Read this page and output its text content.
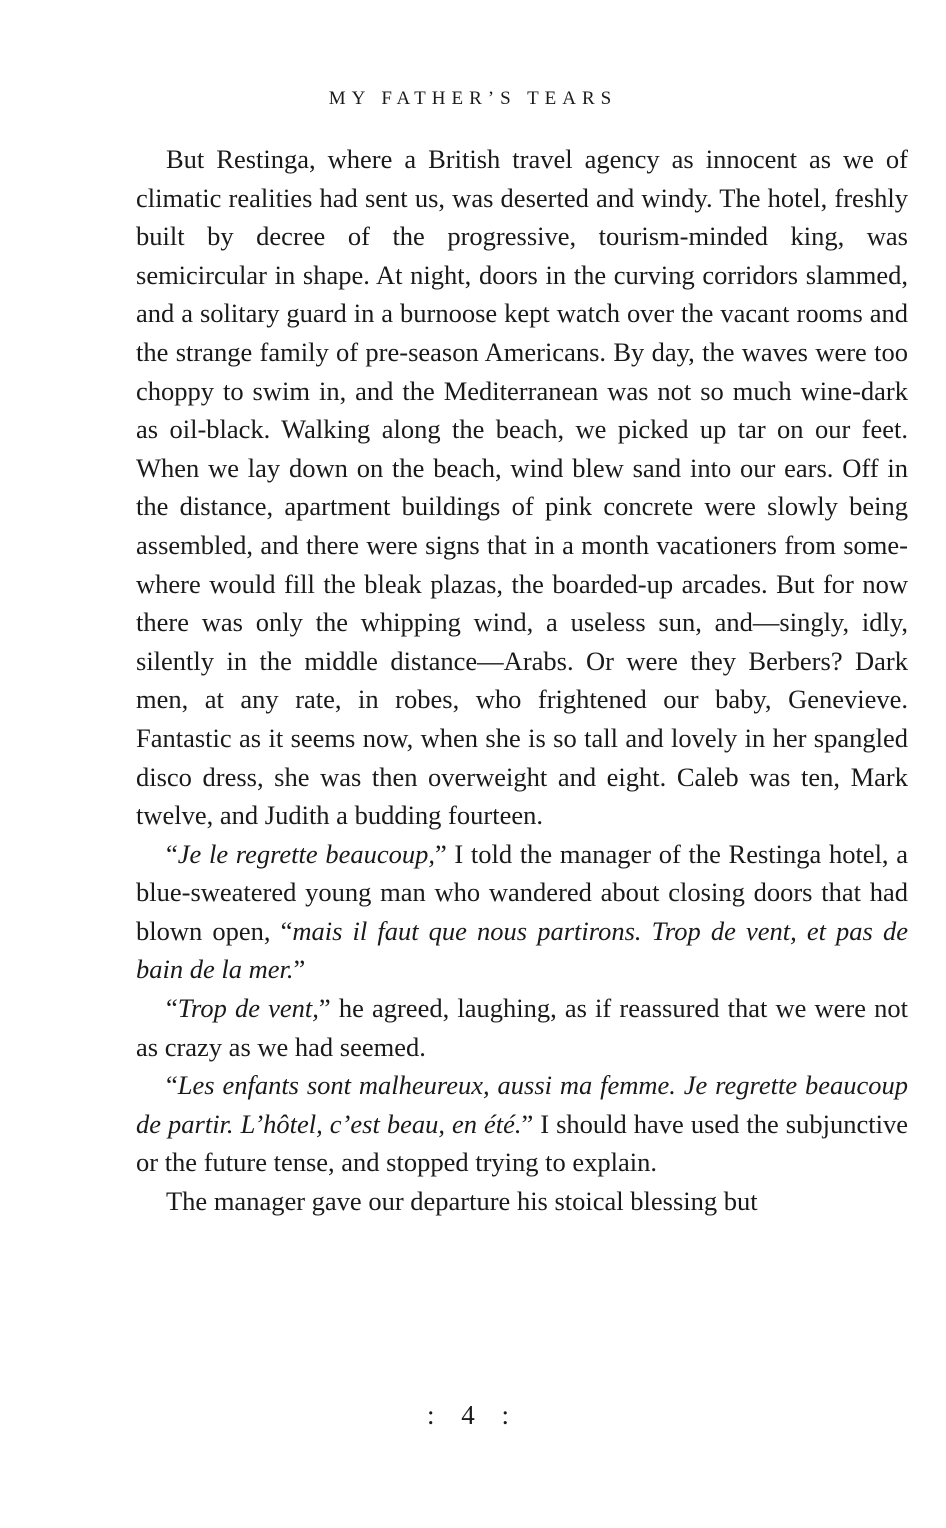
MY FATHER’S TEARS

But Restinga, where a British travel agency as innocent as we of climatic realities had sent us, was deserted and windy. The hotel, freshly built by decree of the progressive, tourism-minded king, was semicircular in shape. At night, doors in the curving corridors slammed, and a solitary guard in a burnoose kept watch over the vacant rooms and the strange family of pre-season Americans. By day, the waves were too choppy to swim in, and the Mediterranean was not so much wine-dark as oil-black. Walking along the beach, we picked up tar on our feet. When we lay down on the beach, wind blew sand into our ears. Off in the distance, apartment buildings of pink concrete were slowly being assembled, and there were signs that in a month vacationers from somewhere would fill the bleak plazas, the boarded-up arcades. But for now there was only the whipping wind, a useless sun, and—singly, idly, silently in the middle distance—Arabs. Or were they Berbers? Dark men, at any rate, in robes, who frightened our baby, Genevieve. Fantastic as it seems now, when she is so tall and lovely in her spangled disco dress, she was then overweight and eight. Caleb was ten, Mark twelve, and Judith a budding fourteen.

“Je le regrette beaucoup,” I told the manager of the Restinga hotel, a blue-sweatered young man who wandered about closing doors that had blown open, “mais il faut que nous partirons. Trop de vent, et pas de bain de la mer.”

“Trop de vent,” he agreed, laughing, as if reassured that we were not as crazy as we had seemed.

“Les enfants sont malheureux, aussi ma femme. Je regrette beaucoup de partir. L’hôtel, c’est beau, en été.” I should have used the subjunctive or the future tense, and stopped trying to explain.

The manager gave our departure his stoical blessing but

: 4 :
